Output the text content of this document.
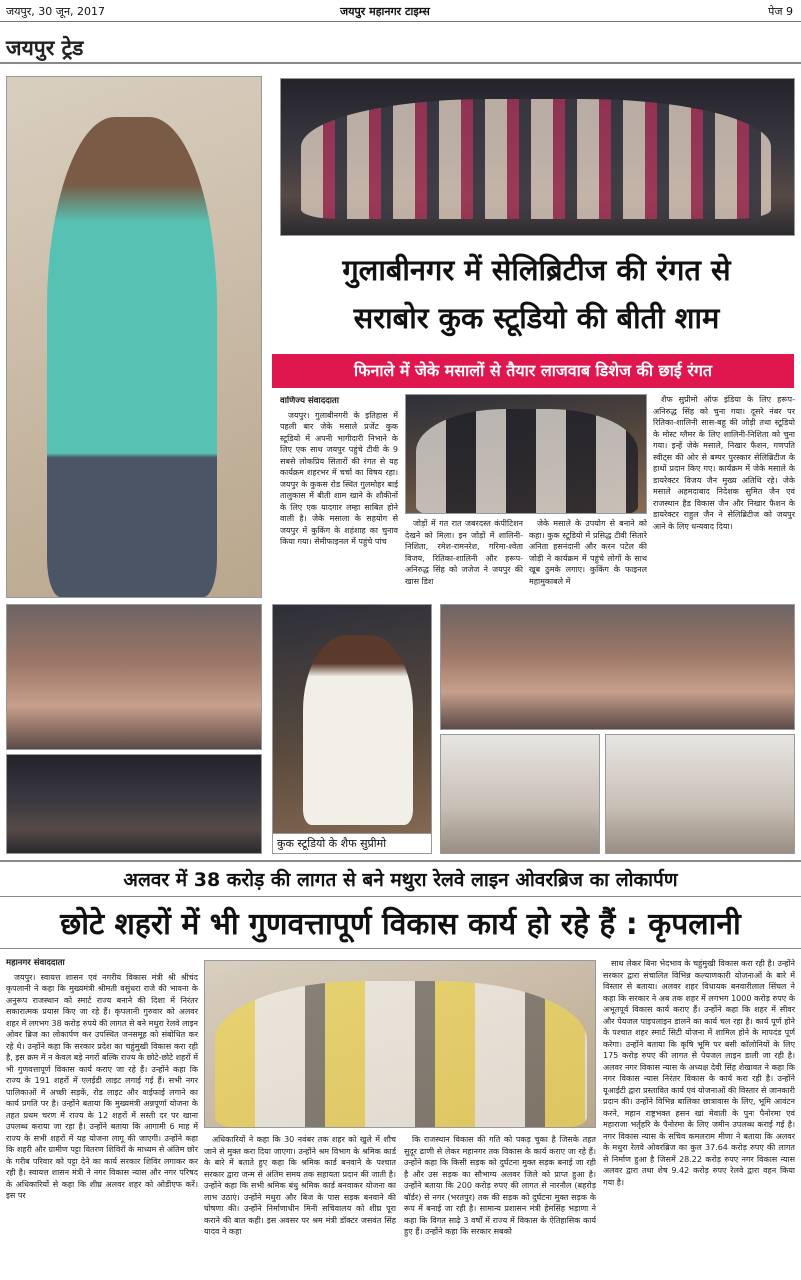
जयपुर, 30 जून, 2017	जयपुर महानगर टाइम्स	पेज 9
जयपुर ट्रेड
गुलाबीनगर में सेलिब्रिटीज की रंगत से
सराबोर कुक स्टूडियो की बीती शाम
फिनाले में जेके मसालों से तैयार लाजवाब डिशेज की छाई रंगत
वाणिज्य संवाददाता

जयपुर। गुलाबीनगरी के इतिहास में पहली बार जेके मसाले प्रजेंट कुक स्टूडियो में अपनी भागीदारी निभाने के लिए एक साथ जयपुर पहुंचे टीवी के 9 सबसे लोकप्रिय सितारों की रंगत से यह कार्यक्रम शहरभर में चर्चा का विषय रहा। जयपुर के कुकस रोड स्थित गुलमोहर बाई तालुकास में बीती शाम खाने के शौकीनों के लिए एक यादगार लम्हा साबित होने वाली है। जेके मसाला के सहयोग से जयपुर में कुकिंग के शहंशाह का चुनाव किया गया। सेमीफाइनल में पहुंचे पांच

जोड़ों में गत रात जबरदस्त कंपीटिशन देखने को मिला। इन जोड़ों में शालिनी-निशिता, रमेश-रामनरेश, गरिमा-श्वेता विजय, रितिका-शालिनी और हरूप-अनिरुद्ध सिंह को जजेज ने जयपुर की खास डिश

जेके मसाले के उपयोग से बनाने को कहा। कुक स्टूडियो में प्रसिद्ध टीवी सितारे अनिता हसनंदानी और करन पटेल की जोड़ी ने कार्यक्रम में पहुंचे लोगों के साथ खूब ठुमके लगाए। कुकिंग के फाइनल महामुकाबले में

शैफ सुप्रीमो ऑफ इंडिया के लिए हरूप-अनिरुद्ध सिंह को चुना गया। दूसरे नंबर पर रितिका-शालिनी सास-बहू की जोड़ी तथा स्टूडियो के मोस्ट ग्लैमर के लिए शालिनी-निशिता को चुना गया। इन्हें जेके मसाले, निखार फैशन, गणपति स्वीट्स की ओर से बम्पर पुरस्कार सेलिब्रिटीज के हाथों प्रदान किए गए। कार्यक्रम में जेके मसाले के डायरेक्टर विजय जैन मुख्य अतिथि रहे। जेके मसाले अहमदाबाद निदेशक सुमित जैन एवं राजस्थान हैड विकास जैन और निखार फैशन के डायरेक्टर राहुल जैन ने सेलिब्रिटीज को जयपुर आने के लिए धन्यवाद दिया।

कुक स्टूडियो के शैफ सुप्रीमो
अलवर में 38 करोड़ की लागत से बने मथुरा रेलवे लाइन ओवरब्रिज का लोकार्पण
छोटे शहरों में भी गुणवत्तापूर्ण विकास कार्य हो रहे हैं : कृपलानी
महानगर संवाददाता

जयपुर। स्वायत्त शासन एवं नगरीय विकास मंत्री श्री श्रीचंद कृपलानी ने कहा कि मुख्यमंत्री श्रीमती वसुंधरा राजे की भावना के अनुरूप राजस्थान को स्मार्ट राज्य बनाने की दिशा में निरंतर सकारात्मक प्रयास किए जा रहे हैं। कृपलानी गुरुवार को अलवर शहर में लगभग 38 करोड़ रुपये की लागत से बने मथुरा रेलवे लाइन ओवर ब्रिज का लोकार्पण कर उपस्थित जनसमूह को संबोधित कर रहे थे। उन्होंने कहा कि सरकार प्रदेश का चहुंमुखी विकास करा रही है, इस क्रम में न केवल बड़े नगरों बल्कि राज्य के छोटे-छोटे शहरों में भी गुणवत्तापूर्ण विकास कार्य कराए जा रहे हैं। उन्होंने कहा कि राज्य के 191 शहरों में एलईडी लाइट लगाई गई हैं। सभी नगर पालिकाओं में अच्छी सड़कें, रोड लाइट और वाईफाई लगाने का कार्य प्रगति पर है। उन्होंने बताया कि मुख्यमंत्री अन्नपूर्णा योजना के तहत प्रथम चरण में राज्य के 12 शहरों में सस्ती दर पर खाना उपलब्ध कराया जा रहा है। उन्होंने बताया कि आगामी 6 माह में राज्य के सभी शहरों में यह योजना लागू की जाएगी। उन्होंने कहा कि शहरी और ग्रामीण पट्टा वितरण शिविरों के माध्यम से अंतिम छोर के गरीब परिवार को पट्टा देने का कार्य सरकार शिविर लगाकर कर रही है। स्वायत्त शासन मंत्री ने नगर विकास न्यास और नगर परिषद के अधिकारियों से कहा कि शीघ्र अलवर शहर को ओडीएफ करें। इस पर

अधिकारियों ने कहा कि 30 नवंबर तक शहर को खुले में शौच जाने से मुक्त करा दिया जाएगा। उन्होंने श्रम विभाग के श्रमिक कार्ड के बारे में बताते हुए कहा कि श्रमिक कार्ड बनवाने के पश्चात सरकार द्वारा जन्म से अंतिम समय तक सहायता प्रदान की जाती है। उन्होंने कहा कि सभी श्रमिक बंधु श्रमिक कार्ड बनवाकर योजना का लाभ उठाएं। उन्होंने मथुरा और बिज के पास सड़क बनवाने की घोषणा की। उन्होंने निर्माणाधीन मिनी सचिवालय को शीघ्र पूरा कराने की बात कही। इस अवसर पर श्रम मंत्री डॉक्टर जसवंत सिंह यादव ने कहा

कि राजस्थान विकास की गति को पकड़ चुका है जिसके तहत सुदूर ढाणी से लेकर महानगर तक विकास के कार्य कराए जा रहे हैं। उन्होंने कहा कि किसी सड़क को दुर्घटना मुक्त सड़क बनाई जा रही है और उस सड़क का सौभाग्य अलवर जिले को प्राप्त हुआ है। उन्होंने बताया कि 200 करोड़ रुपए की लागत से नारनौल (बहरोड़ बॉर्डर) से नगर (भरतपुर) तक की सड़क को दुर्घटना मुक्त सड़क के रूप में बनाई जा रही है। सामान्य प्रशासन मंत्री हेमसिंह भड़ाणा ने कहा कि विगत साढ़े 3 वर्षों में राज्य में विकास के ऐतिहासिक कार्य हुए हैं। उन्होंने कहा कि सरकार सबको

साथ लेकर बिना भेदभाव के चहुंमुखी विकास करा रही है। उन्होंने सरकार द्वारा संचालित विभिन्न कल्याणकारी योजनाओं के बारे में विस्तार से बताया। अलवर शहर विधायक बनवारीलाल सिंघल ने कहा कि सरकार ने अब तक शहर में लगभग 1000 करोड़ रुपए के अभूतपूर्व विकास कार्य कराए हैं। उन्होंने कहा कि शहर में सीवर और पेयजल पाइपलाइन डालने का कार्य चल रहा है। कार्य पूर्ण होने के पश्चात शहर स्मार्ट सिटी योजना में शामिल होने के मापदंड पूर्ण करेगा। उन्होंने बताया कि कृषि भूमि पर बसी कॉलोनियों के लिए 175 करोड़ रुपए की लागत से पेयजल लाइन डाली जा रही है। अलवर नगर विकास न्यास के अध्यक्ष देवी सिंह शेखावत ने कहा कि नगर विकास न्यास निरंतर विकास के कार्य करा रही है। उन्होंने यूआईटी द्वारा प्रस्तावित कार्य एवं योजनाओं की विस्तार से जानकारी प्रदान की। उन्होंने विभिन्न बालिका छात्रावास के लिए, भूमि आवंटन करने, महान राष्ट्रभक्त हसन खां मेवाती के पुनः पैनोरमा एवं महाराजा भर्तृहरि के पैनोरमा के लिए जमीन उपलब्ध कराई गई है। नगर विकास न्यास के सचिव कमलराम मीणा ने बताया कि अलवर के मथुरा रेलवे ओवरब्रिज का कुल 37.64 करोड़ रुपए की लागत से निर्माण हुआ है जिसमें 28.22 करोड़ रुपए नगर विकास न्यास अलवर द्वारा तथा शेष 9.42 करोड़ रुपए रेलवे द्वारा वहन किया गया है।
